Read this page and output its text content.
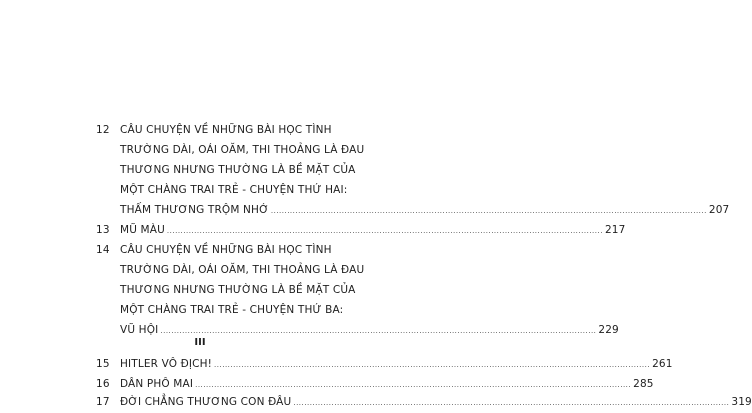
12 CÂU CHUYỆN VỀ NHỮNG BÀI HỌC TÌNH
TRƯỜNG DÀI, OÁI OĂM, THI THOẢNG LÀ ĐAU
THƯƠNG NHƯNG THƯỜNG LÀ BỀ MẶT CỦA
MỘT CHÀNG TRAI TRẺ - CHUYỆN THỨ HAI:
THẤM THƯƠNG TRỘM NHỚ ................................................................................................................................................................ 207
13 MŨ MÀU ................................................................................................................................................................ 217
14 CÂU CHUYỆN VỀ NHỮNG BÀI HỌC TÌNH
TRƯỜNG DÀI, OÁI OĂM, THI THOẢNG LÀ ĐAU
THƯƠNG NHƯNG THƯỜNG LÀ BỀ MẶT CỦA
MỘT CHÀNG TRAI TRẺ - CHUYỆN THỨ BA:
VŨ HỘI ................................................................................................................................................................ 229
III
15 HITLER VÔ ĐỊCH! ................................................................................................................................................................ 261
16 DÂN PHÔ MAI ................................................................................................................................................................ 285
17 ĐỜI CHẲNG THƯƠNG CON ĐÂU ................................................................................................................................................................ 319
